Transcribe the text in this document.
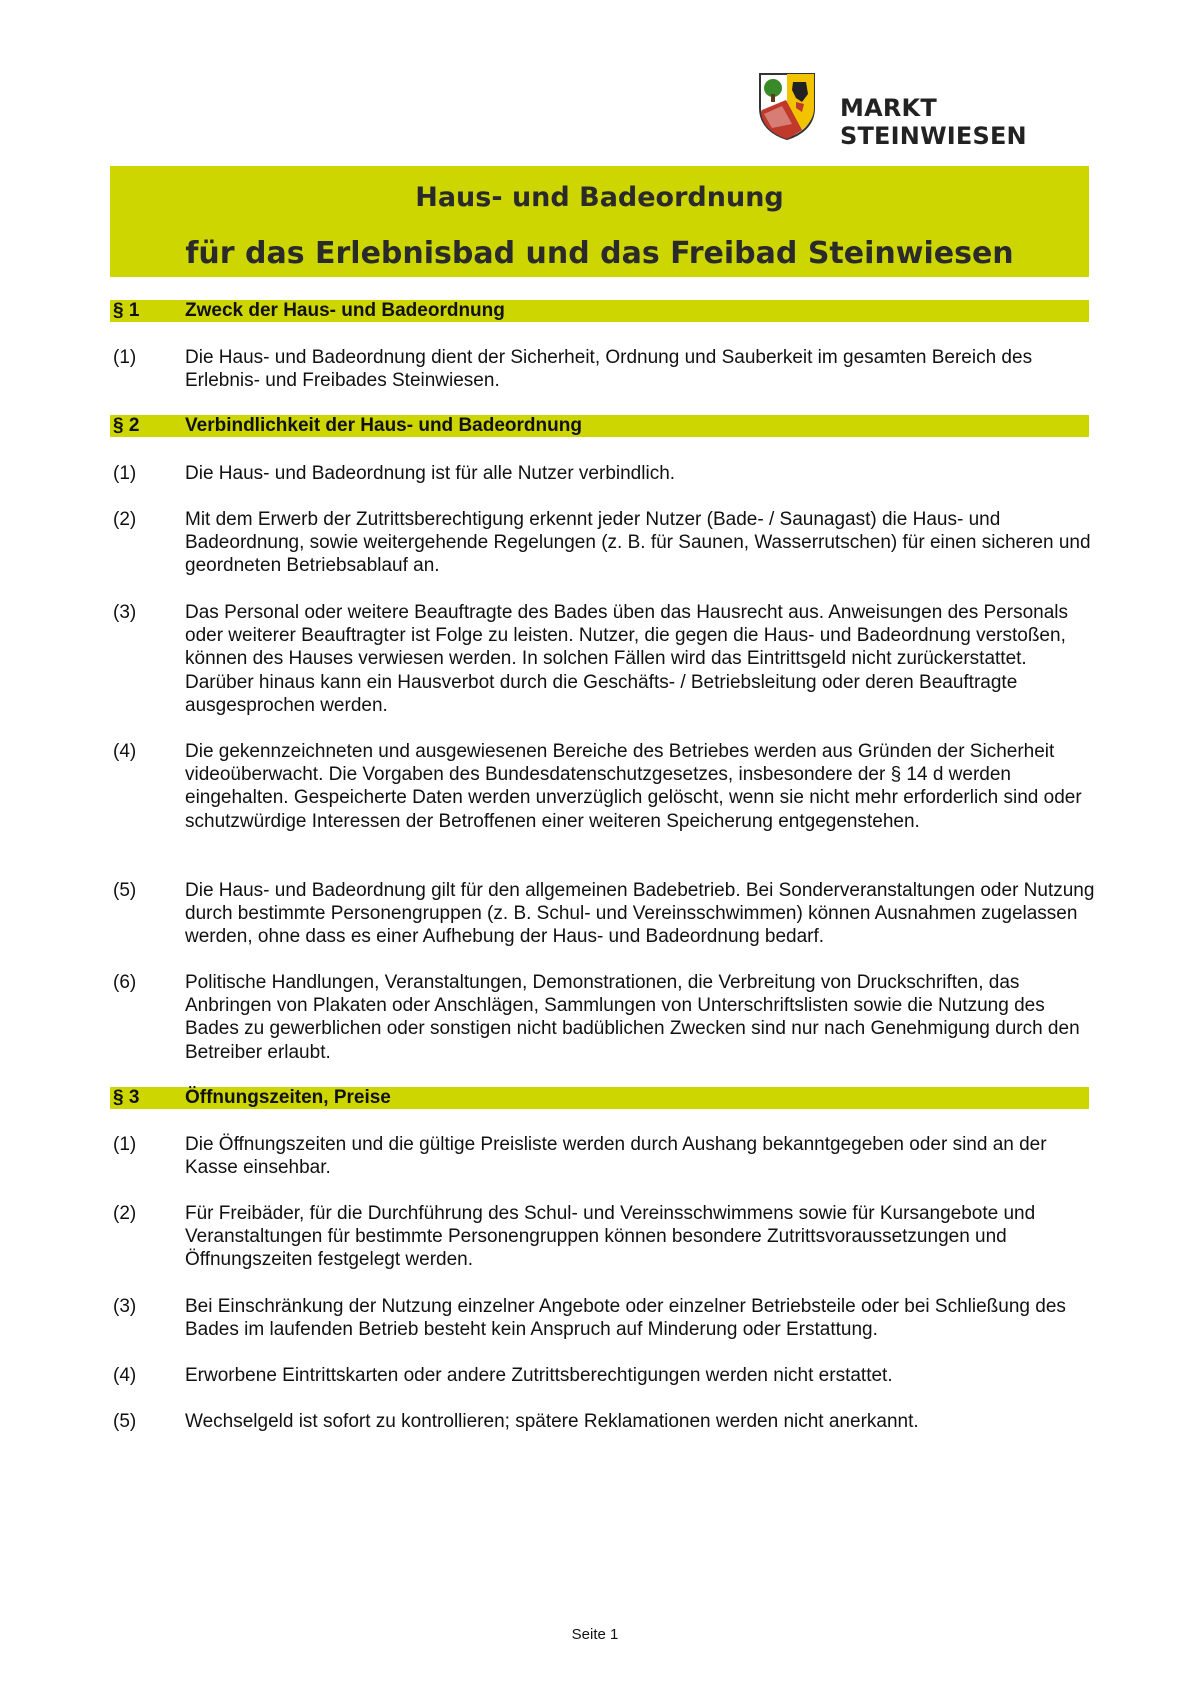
MARKT STEINWIESEN
Haus- und Badeordnung
für das Erlebnisbad und das Freibad Steinwiesen
§ 1 Zweck der Haus- und Badeordnung
(1)	Die Haus- und Badeordnung dient der Sicherheit, Ordnung und Sauberkeit im gesamten Bereich des Erlebnis- und Freibades Steinwiesen.
§ 2 Verbindlichkeit der Haus- und Badeordnung
(1)	Die Haus- und Badeordnung ist für alle Nutzer verbindlich.
(2)	Mit dem Erwerb der Zutrittsberechtigung erkennt jeder Nutzer (Bade- / Saunagast) die Haus- und Badeordnung, sowie weitergehende Regelungen (z. B. für Saunen, Wasserrutschen) für einen sicheren und geordneten Betriebsablauf an.
(3)	Das Personal oder weitere Beauftragte des Bades üben das Hausrecht aus. Anweisungen des Personals oder weiterer Beauftragter ist Folge zu leisten. Nutzer, die gegen die Haus- und Badeordnung verstoßen, können des Hauses verwiesen werden. In solchen Fällen wird das Eintrittsgeld nicht zurückerstattet. Darüber hinaus kann ein Hausverbot durch die Geschäfts- / Betriebsleitung oder deren Beauftragte ausgesprochen werden.
(4)	Die gekennzeichneten und ausgewiesenen Bereiche des Betriebes werden aus Gründen der Sicherheit videoüberwacht. Die Vorgaben des Bundesdatenschutzgesetzes, insbesondere der § 14 d werden eingehalten. Gespeicherte Daten werden unverzüglich gelöscht, wenn sie nicht mehr erforderlich sind oder schutzwürdige Interessen der Betroffenen einer weiteren Speicherung entgegenstehen.
(5)	Die Haus- und Badeordnung gilt für den allgemeinen Badebetrieb. Bei Sonderveranstaltungen oder Nutzung durch bestimmte Personengruppen (z. B. Schul- und Vereinsschwimmen) können Ausnahmen zugelassen werden, ohne dass es einer Aufhebung der Haus- und Badeordnung bedarf.
(6)	Politische Handlungen, Veranstaltungen, Demonstrationen, die Verbreitung von Druckschriften, das Anbringen von Plakaten oder Anschlägen, Sammlungen von Unterschriftslisten sowie die Nutzung des Bades zu gewerblichen oder sonstigen nicht badüblichen Zwecken sind nur nach Genehmigung durch den Betreiber erlaubt.
§ 3 Öffnungszeiten, Preise
(1)	Die Öffnungszeiten und die gültige Preisliste werden durch Aushang bekanntgegeben oder sind an der Kasse einsehbar.
(2)	Für Freibäder, für die Durchführung des Schul- und Vereinsschwimmens sowie für Kursangebote und Veranstaltungen für bestimmte Personengruppen können besondere Zutrittsvoraussetzungen und Öffnungszeiten festgelegt werden.
(3)	Bei Einschränkung der Nutzung einzelner Angebote oder einzelner Betriebsteile oder bei Schließung des Bades im laufenden Betrieb besteht kein Anspruch auf Minderung oder Erstattung.
(4)	Erworbene Eintrittskarten oder andere Zutrittsberechtigungen werden nicht erstattet.
(5)	Wechselgeld ist sofort zu kontrollieren; spätere Reklamationen werden nicht anerkannt.
Seite 1
